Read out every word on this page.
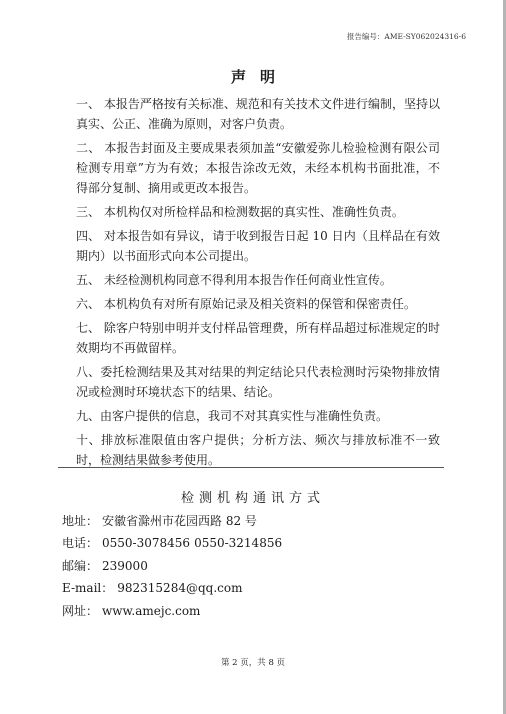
报告编号：AME-SY062024316-6
声明

一、 本报告严格按有关标准、规范和有关技术文件进行编制，坚持以真实、公正、准确为原则，对客户负责。

二、 本报告封面及主要成果表须加盖“安徽爱弥儿检验检测有限公司检测专用章”方为有效；本报告涂改无效，未经本机构书面批准，不得部分复制、摘用或更改本报告。

三、 本机构仅对所检样品和检测数据的真实性、准确性负责。

四、 对本报告如有异议，请于收到报告日起 10 日内（且样品在有效期内）以书面形式向本公司提出。

五、 未经检测机构同意不得利用本报告作任何商业性宣传。

六、 本机构负有对所有原始记录及相关资料的保管和保密责任。

七、 除客户特别申明并支付样品管理费，所有样品超过标准规定的时效期均不再做留样。

八、委托检测结果及其对结果的判定结论只代表检测时污染物排放情况或检测时环境状态下的结果、结论。

九、由客户提供的信息，我司不对其真实性与准确性负责。

十、排放标准限值由客户提供；分析方法、频次与排放标准不一致时，检测结果做参考使用。

检测机构通讯方式
地址： 安徽省滁州市花园西路 82 号
电话： 0550-3078456 0550-3214856
邮编： 239000
E-mail： 982315284@qq.com
网址： www.amejc.com
第 2 页，共 8 页
